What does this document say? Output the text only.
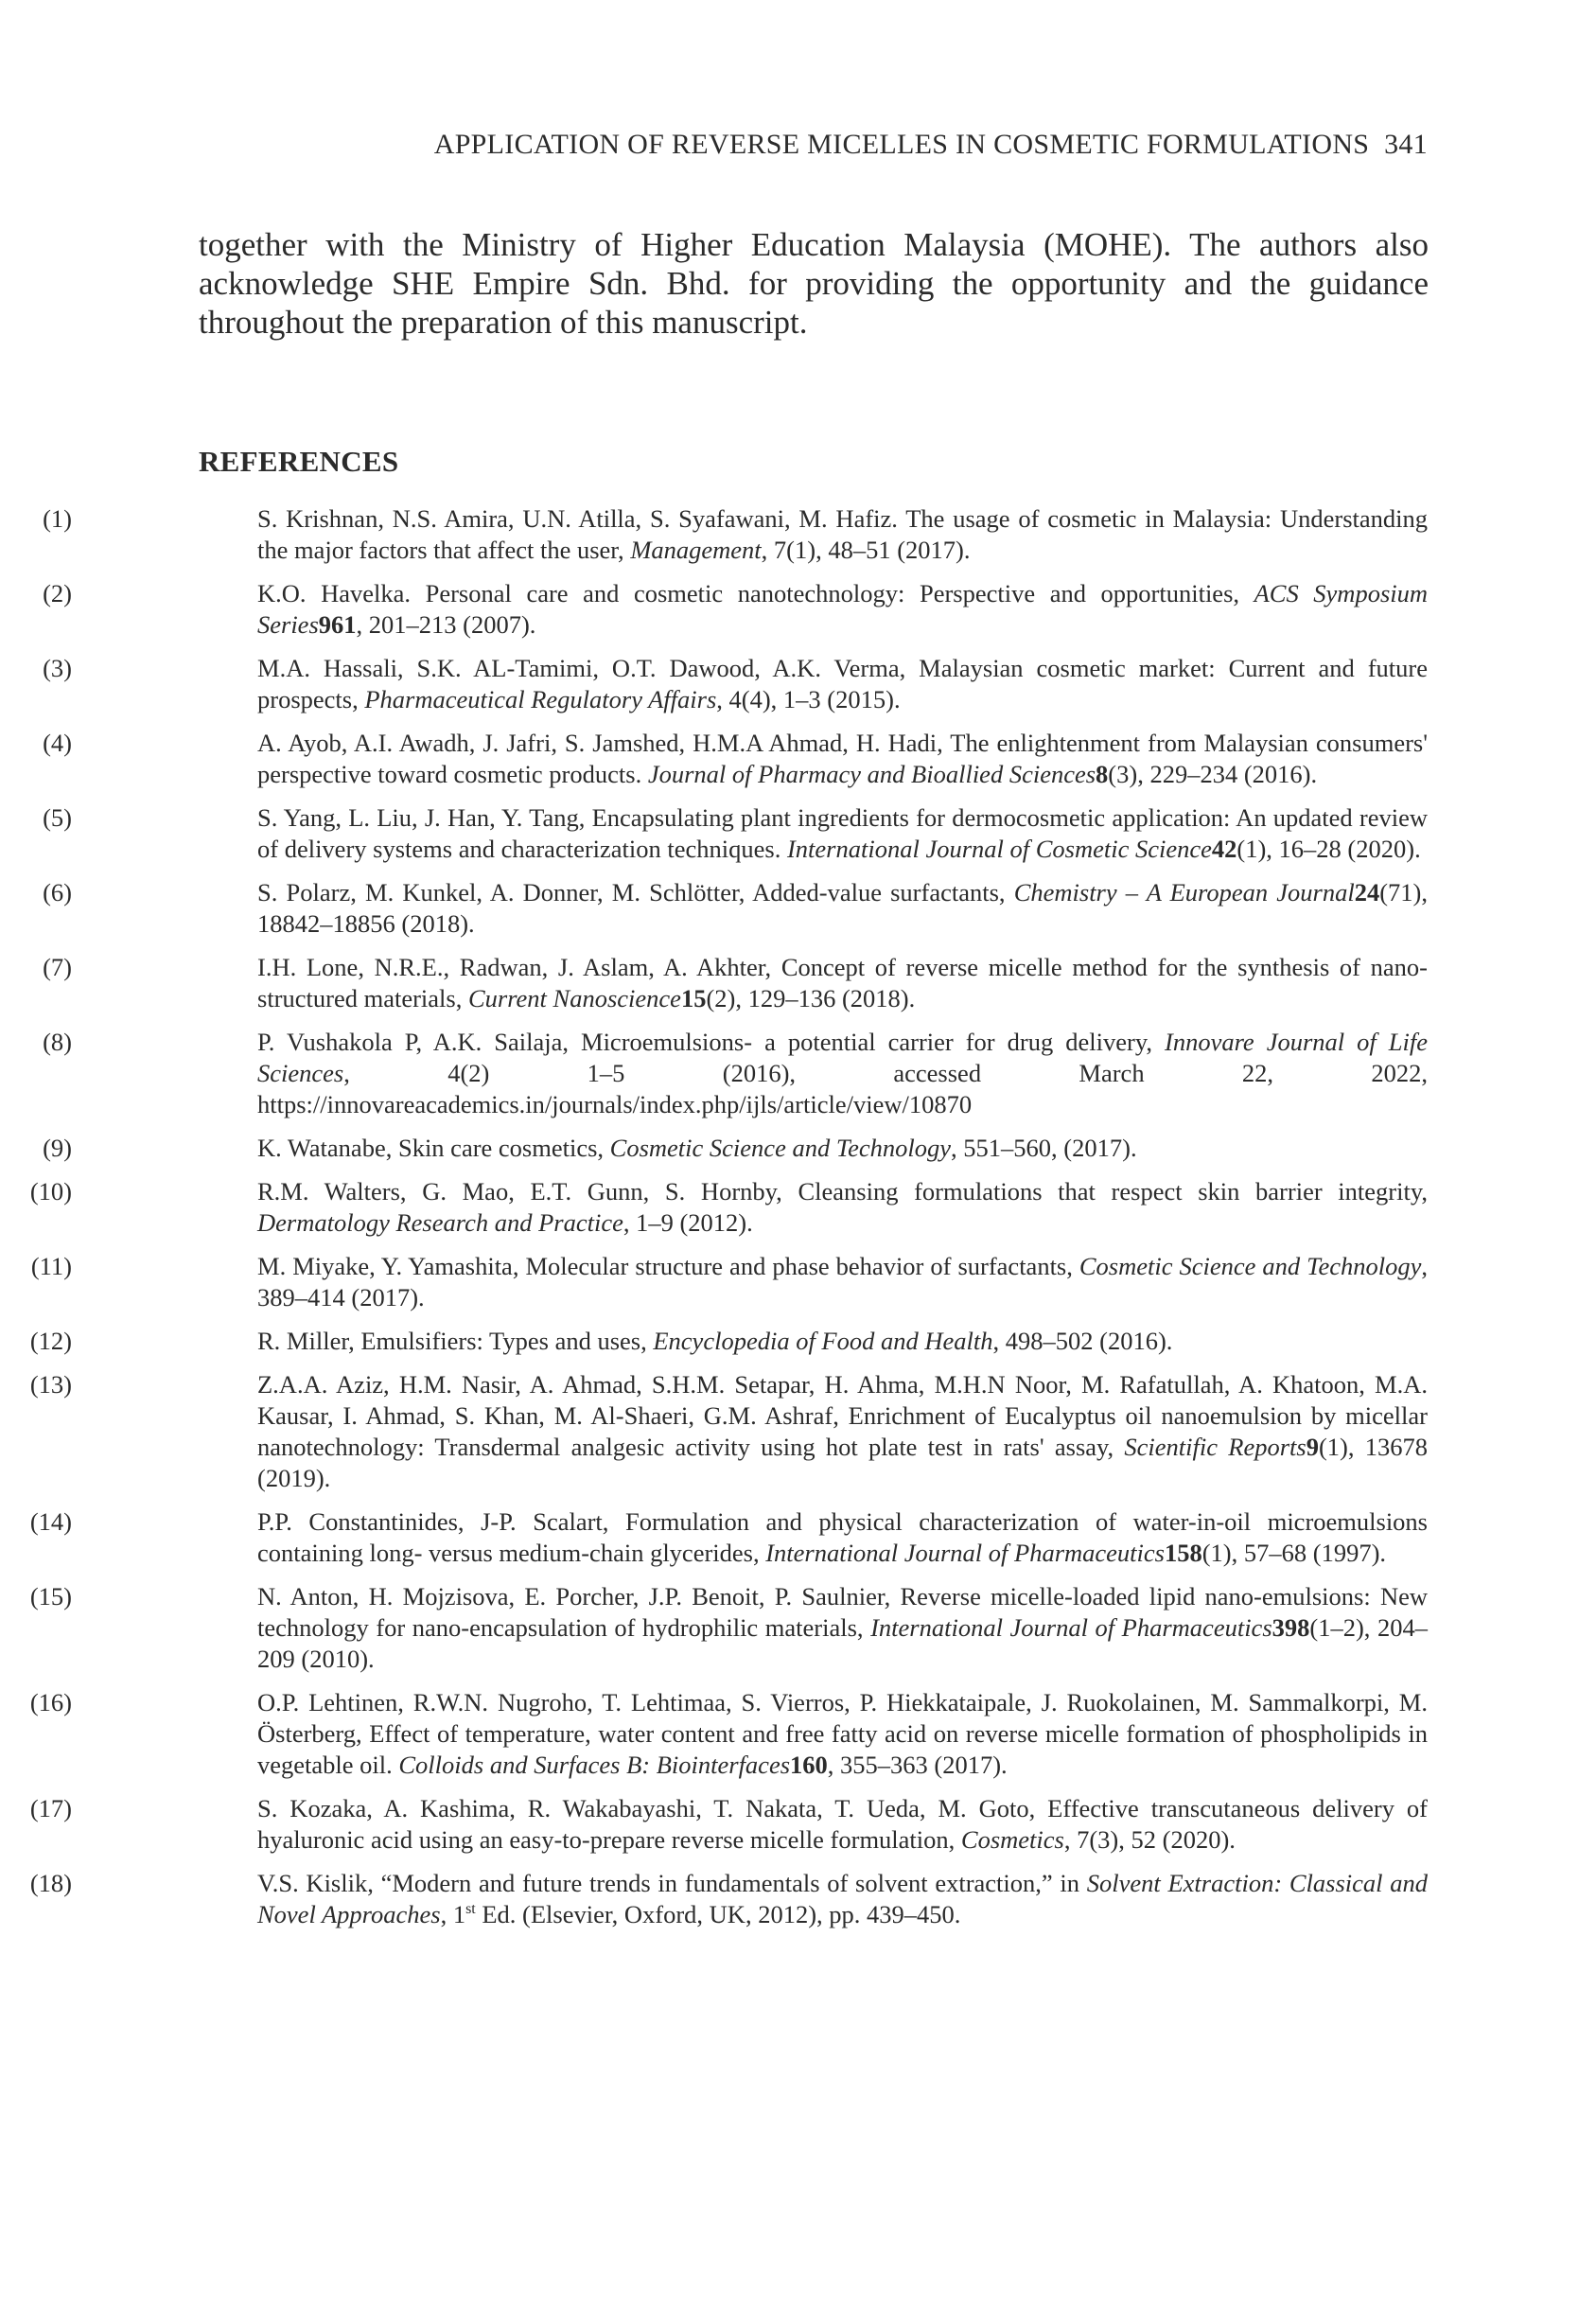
APPLICATION OF REVERSE MICELLES IN COSMETIC FORMULATIONS 341

together with the Ministry of Higher Education Malaysia (MOHE). The authors also acknowledge SHE Empire Sdn. Bhd. for providing the opportunity and the guidance throughout the preparation of this manuscript.

REFERENCES
(1)	S. Krishnan, N.S. Amira, U.N. Atilla, S. Syafawani, M. Hafiz. The usage of cosmetic in Malaysia: Understanding the major factors that affect the user, Management, 7(1), 48–51 (2017).
(2)	K.O. Havelka. Personal care and cosmetic nanotechnology: Perspective and opportunities, ACS Symposium Series961, 201–213 (2007).
(3)	M.A. Hassali, S.K. AL-Tamimi, O.T. Dawood, A.K. Verma, Malaysian cosmetic market: Current and future prospects, Pharmaceutical Regulatory Affairs, 4(4), 1–3 (2015).
(4)	A. Ayob, A.I. Awadh, J. Jafri, S. Jamshed, H.M.A Ahmad, H. Hadi, The enlightenment from Malaysian consumers' perspective toward cosmetic products. Journal of Pharmacy and Bioallied Sciences8(3), 229–234 (2016).
(5)	S. Yang, L. Liu, J. Han, Y. Tang, Encapsulating plant ingredients for dermocosmetic application: An updated review of delivery systems and characterization techniques. International Journal of Cosmetic Science42(1), 16–28 (2020).
(6)	S. Polarz, M. Kunkel, A. Donner, M. Schlötter, Added-value surfactants, Chemistry – A European Journal24(71), 18842–18856 (2018).
(7)	I.H. Lone, N.R.E., Radwan, J. Aslam, A. Akhter, Concept of reverse micelle method for the synthesis of nano-structured materials, Current Nanoscience15(2), 129–136 (2018).
(8)	P. Vushakola P, A.K. Sailaja, Microemulsions- a potential carrier for drug delivery, Innovare Journal of Life Sciences, 4(2) 1–5 (2016), accessed March 22, 2022, https://innovareacademics.in/journals/index.php/ijls/article/view/10870
(9)	K. Watanabe, Skin care cosmetics, Cosmetic Science and Technology, 551–560, (2017).
(10)	R.M. Walters, G. Mao, E.T. Gunn, S. Hornby, Cleansing formulations that respect skin barrier integrity, Dermatology Research and Practice, 1–9 (2012).
(11)	M. Miyake, Y. Yamashita, Molecular structure and phase behavior of surfactants, Cosmetic Science and Technology, 389–414 (2017).
(12)	R. Miller, Emulsifiers: Types and uses, Encyclopedia of Food and Health, 498–502 (2016).
(13)	Z.A.A. Aziz, H.M. Nasir, A. Ahmad, S.H.M. Setapar, H. Ahma, M.H.N Noor, M. Rafatullah, A. Khatoon, M.A. Kausar, I. Ahmad, S. Khan, M. Al-Shaeri, G.M. Ashraf, Enrichment of Eucalyptus oil nanoemulsion by micellar nanotechnology: Transdermal analgesic activity using hot plate test in rats' assay, Scientific Reports9(1), 13678 (2019).
(14)	P.P. Constantinides, J-P. Scalart, Formulation and physical characterization of water-in-oil microemulsions containing long- versus medium-chain glycerides, International Journal of Pharmaceutics158(1), 57–68 (1997).
(15)	N. Anton, H. Mojzisova, E. Porcher, J.P. Benoit, P. Saulnier, Reverse micelle-loaded lipid nano-emulsions: New technology for nano-encapsulation of hydrophilic materials, International Journal of Pharmaceutics398(1–2), 204–209 (2010).
(16)	O.P. Lehtinen, R.W.N. Nugroho, T. Lehtimaa, S. Vierros, P. Hiekkataipale, J. Ruokolainen, M. Sammalkorpi, M. Österberg, Effect of temperature, water content and free fatty acid on reverse micelle formation of phospholipids in vegetable oil. Colloids and Surfaces B: Biointerfaces160, 355–363 (2017).
(17)	S. Kozaka, A. Kashima, R. Wakabayashi, T. Nakata, T. Ueda, M. Goto, Effective transcutaneous delivery of hyaluronic acid using an easy-to-prepare reverse micelle formulation, Cosmetics, 7(3), 52 (2020).
(18)	V.S. Kislik, “Modern and future trends in fundamentals of solvent extraction,” in Solvent Extraction: Classical and Novel Approaches, 1st Ed. (Elsevier, Oxford, UK, 2012), pp. 439–450.
